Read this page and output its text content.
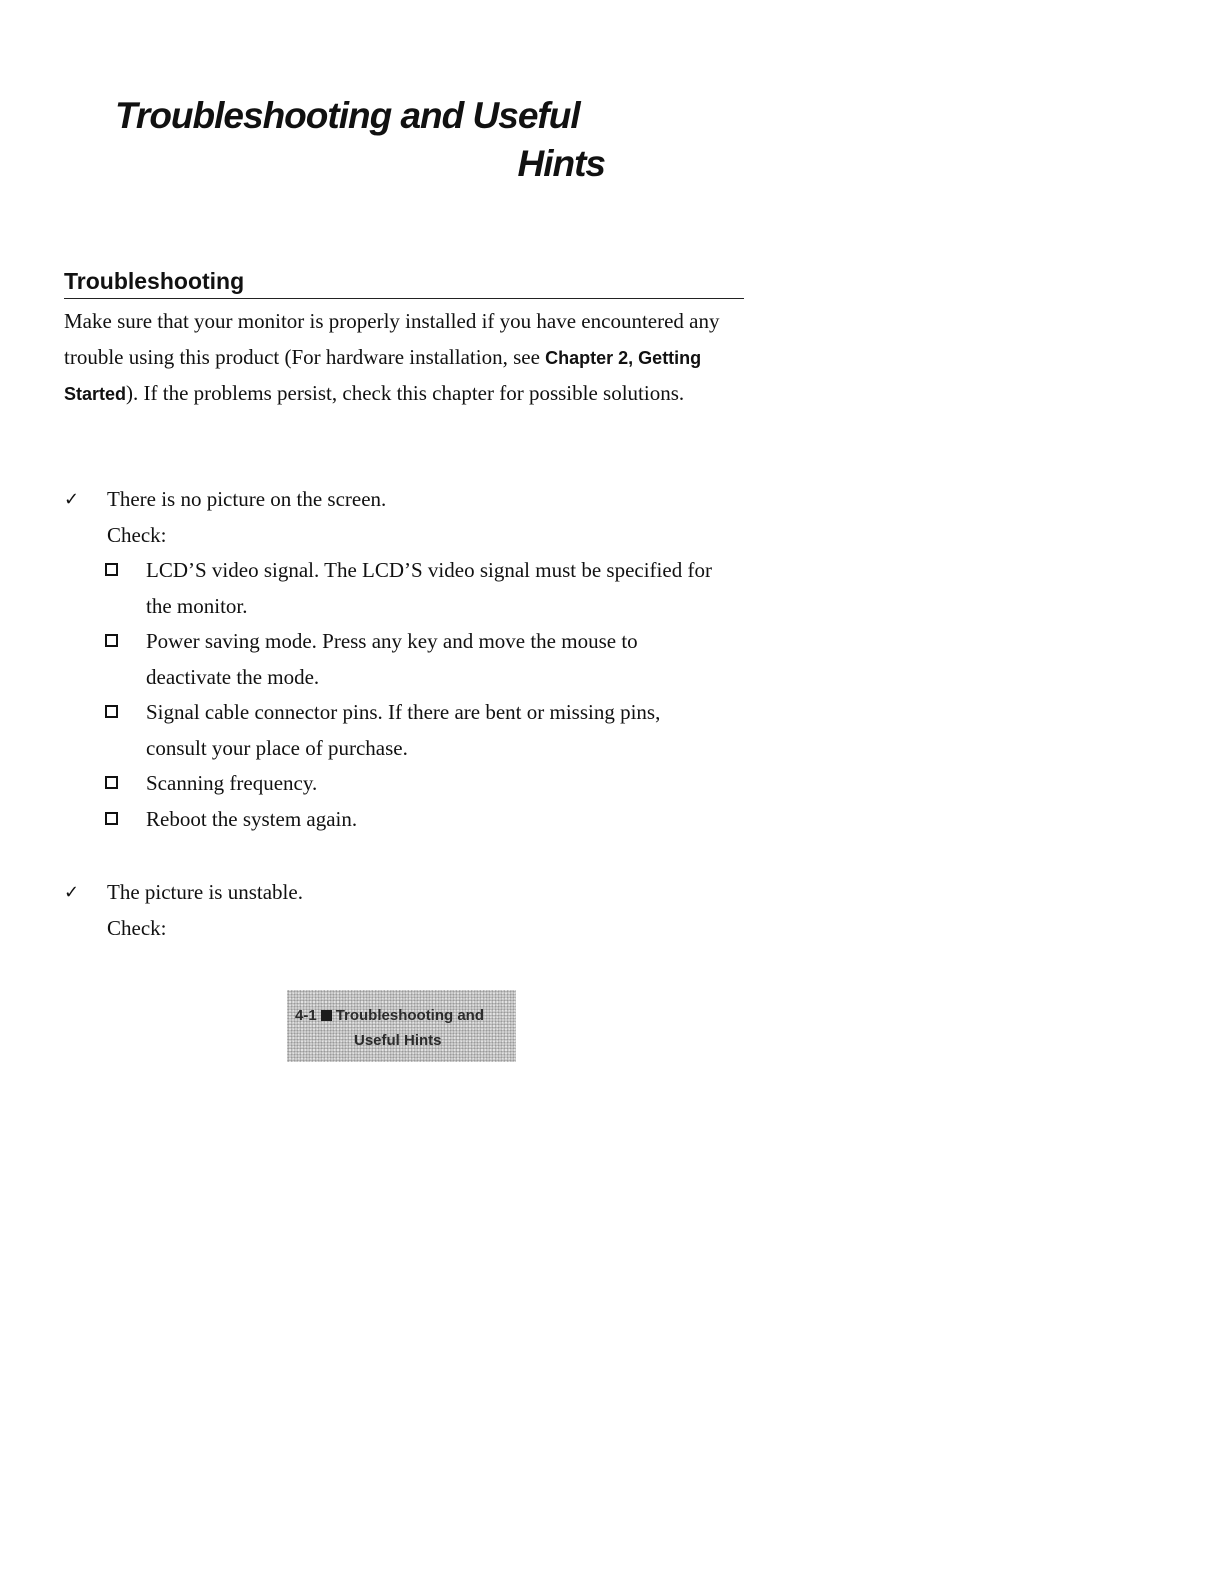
Troubleshooting and Useful
Hints
Troubleshooting
Make sure that your monitor is properly installed if you have encountered any trouble using this product (For hardware installation, see Chapter 2, Getting Started). If the problems persist, check this chapter for possible solutions.
✓ There is no picture on the screen.
Check:
LCD’S video signal. The LCD’S video signal must be specified for the monitor.
Power saving mode. Press any key and move the mouse to deactivate the mode.
Signal cable connector pins. If there are bent or missing pins, consult your place of purchase.
Scanning frequency.
Reboot the system again.
✓ The picture is unstable.
Check:
4-1 Troubleshooting and
Useful Hints
